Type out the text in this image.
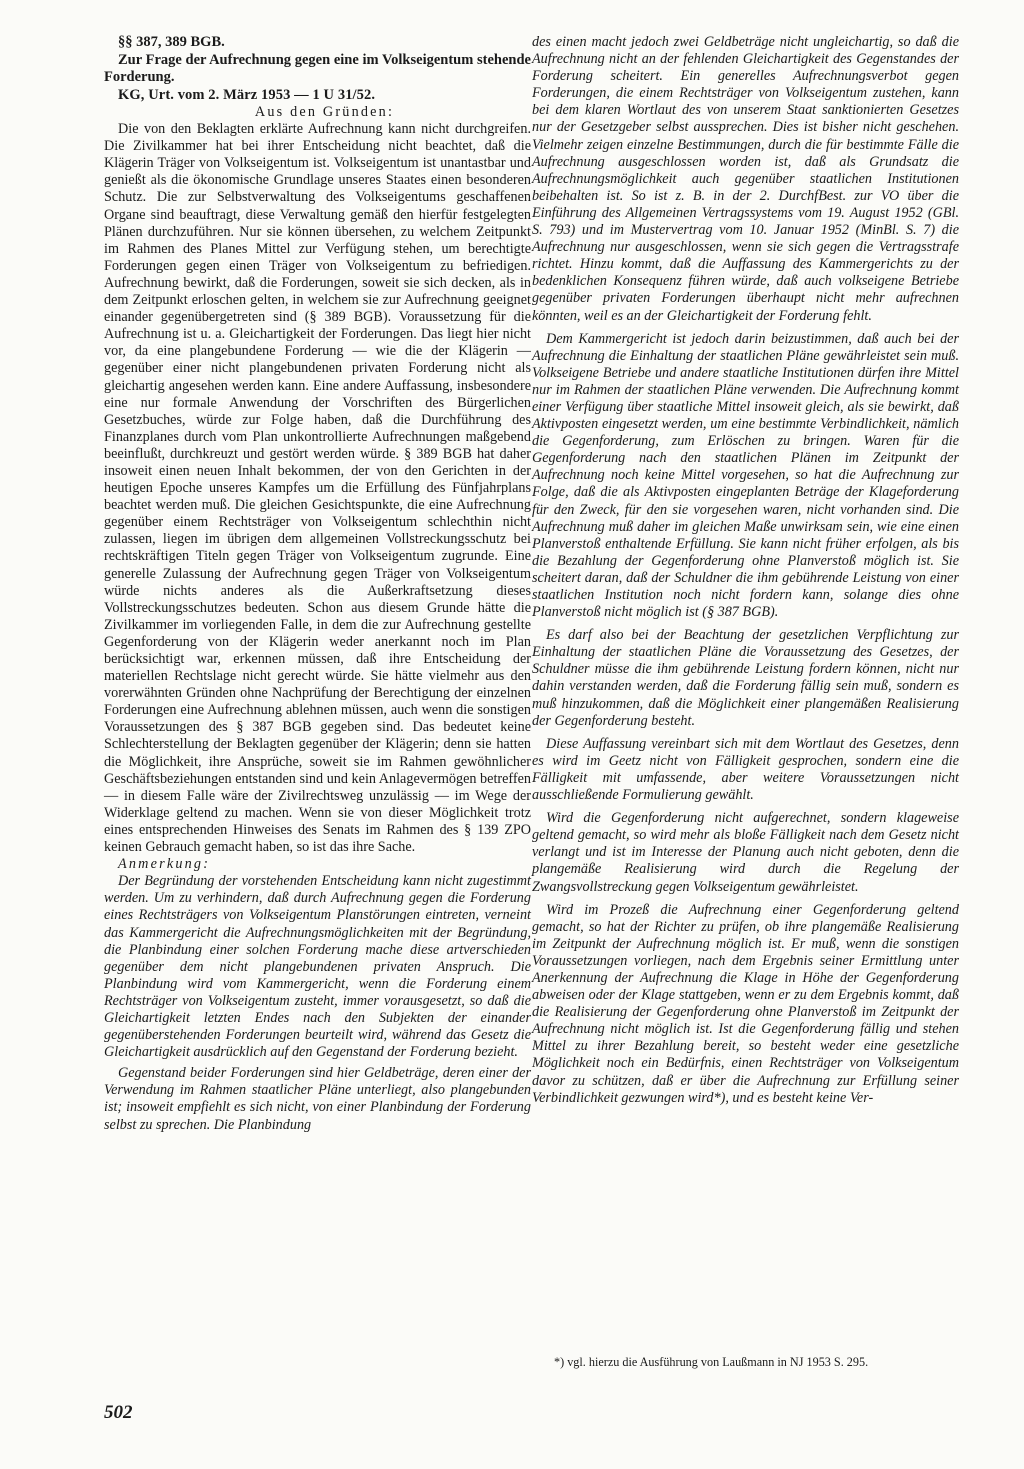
§§ 387, 389 BGB.

Zur Frage der Aufrechnung gegen eine im Volkseigentum stehende Forderung.

KG, Urt. vom 2. März 1953 — 1 U 31/52.

Aus den Gründen:

Die von den Beklagten erklärte Aufrechnung kann nicht durchgreifen. Die Zivilkammer hat bei ihrer Entscheidung nicht beachtet, daß die Klägerin Träger von Volkseigentum ist. Volkseigentum ist unantastbar und genießt als die ökonomische Grundlage unseres Staates einen besonderen Schutz. Die zur Selbstverwaltung des Volkseigentums geschaffenen Organe sind beauftragt, diese Verwaltung gemäß den hierfür festgelegten Plänen durchzuführen. Nur sie können übersehen, zu welchem Zeitpunkt im Rahmen des Planes Mittel zur Verfügung stehen, um berechtigte Forderungen gegen einen Träger von Volkseigentum zu befriedigen. Aufrechnung bewirkt, daß die Forderungen, soweit sie sich decken, als in dem Zeitpunkt erloschen gelten, in welchem sie zur Aufrechnung geeignet einander gegenübergetreten sind (§ 389 BGB). Voraussetzung für die Aufrechnung ist u. a. Gleichartigkeit der Forderungen. Das liegt hier nicht vor, da eine plangebundene Forderung — wie die der Klägerin — gegenüber einer nicht plangebundenen privaten Forderung nicht als gleichartig angesehen werden kann. Eine andere Auffassung, insbesondere eine nur formale Anwendung der Vorschriften des Bürgerlichen Gesetzbuches, würde zur Folge haben, daß die Durchführung des Finanzplanes durch vom Plan unkontrollierte Aufrechnungen maßgebend beeinflußt, durchkreuzt und gestört werden würde. § 389 BGB hat daher insoweit einen neuen Inhalt bekommen, der von den Gerichten in der heutigen Epoche unseres Kampfes um die Erfüllung des Fünfjahrplans beachtet werden muß. Die gleichen Gesichtspunkte, die eine Aufrechnung gegenüber einem Rechtsträger von Volkseigentum schlechthin nicht zulassen, liegen im übrigen dem allgemeinen Vollstreckungsschutz bei rechtskräftigen Titeln gegen Träger von Volkseigentum zugrunde. Eine generelle Zulassung der Aufrechnung gegen Träger von Volkseigentum würde nichts anderes als die Außerkraftsetzung dieses Vollstreckungsschutzes bedeuten. Schon aus diesem Grunde hätte die Zivilkammer im vorliegenden Falle, in dem die zur Aufrechnung gestellte Gegenforderung von der Klägerin weder anerkannt noch im Plan berücksichtigt war, erkennen müssen, daß ihre Entscheidung der materiellen Rechtslage nicht gerecht würde. Sie hätte vielmehr aus den vorerwähnten Gründen ohne Nachprüfung der Berechtigung der einzelnen Forderungen eine Aufrechnung ablehnen müssen, auch wenn die sonstigen Voraussetzungen des § 387 BGB gegeben sind. Das bedeutet keine Schlechterstellung der Beklagten gegenüber der Klägerin; denn sie hatten die Möglichkeit, ihre Ansprüche, soweit sie im Rahmen gewöhnlicher Geschäftsbeziehungen entstanden sind und kein Anlagevermögen betreffen — in diesem Falle wäre der Zivilrechtsweg unzulässig — im Wege der Widerklage geltend zu machen. Wenn sie von dieser Möglichkeit trotz eines entsprechenden Hinweises des Senats im Rahmen des § 139 ZPO keinen Gebrauch gemacht haben, so ist das ihre Sache.

Anmerkung:

Der Begründung der vorstehenden Entscheidung kann nicht zugestimmt werden. Um zu verhindern, daß durch Aufrechnung gegen die Forderung eines Rechtsträgers von Volkseigentum Planstörungen eintreten, verneint das Kammergericht die Aufrechnungsmöglichkeiten mit der Begründung, die Planbindung einer solchen Forderung mache diese artverschieden gegenüber dem nicht plangebundenen privaten Anspruch. Die Planbindung wird vom Kammergericht, wenn die Forderung einem Rechtsträger von Volkseigentum zusteht, immer vorausgesetzt, so daß die Gleichartigkeit letzten Endes nach den Subjekten der einander gegenüberstehenden Forderungen beurteilt wird, während das Gesetz die Gleichartigkeit ausdrücklich auf den Gegenstand der Forderung bezieht.

Gegenstand beider Forderungen sind hier Geldbeträge, deren einer der Verwendung im Rahmen staatlicher Pläne unterliegt, also plangebunden ist; insoweit empfiehlt es sich nicht, von einer Planbindung der Forderung selbst zu sprechen. Die Planbindung

des einen macht jedoch zwei Geldbeträge nicht ungleichartig, so daß die Aufrechnung nicht an der fehlenden Gleichartigkeit des Gegenstandes der Forderung scheitert. Ein generelles Aufrechnungsverbot gegen Forderungen, die einem Rechtsträger von Volkseigentum zustehen, kann bei dem klaren Wortlaut des von unserem Staat sanktionierten Gesetzes nur der Gesetzgeber selbst aussprechen. Dies ist bisher nicht geschehen. Vielmehr zeigen einzelne Bestimmungen, durch die für bestimmte Fälle die Aufrechnung ausgeschlossen worden ist, daß als Grundsatz die Aufrechnungsmöglichkeit auch gegenüber staatlichen Institutionen beibehalten ist. So ist z. B. in der 2. DurchfBest. zur VO über die Einführung des Allgemeinen Vertragssystems vom 19. August 1952 (GBl. S. 793) und im Mustervertrag vom 10. Januar 1952 (MinBl. S. 7) die Aufrechnung nur ausgeschlossen, wenn sie sich gegen die Vertragsstrafe richtet. Hinzu kommt, daß die Auffassung des Kammergerichts zu der bedenklichen Konsequenz führen würde, daß auch volkseigene Betriebe gegenüber privaten Forderungen überhaupt nicht mehr aufrechnen könnten, weil es an der Gleichartigkeit der Forderung fehlt.

Dem Kammergericht ist jedoch darin beizustimmen, daß auch bei der Aufrechnung die Einhaltung der staatlichen Pläne gewährleistet sein muß. Volkseigene Betriebe und andere staatliche Institutionen dürfen ihre Mittel nur im Rahmen der staatlichen Pläne verwenden. Die Aufrechnung kommt einer Verfügung über staatliche Mittel insoweit gleich, als sie bewirkt, daß Aktivposten eingesetzt werden, um eine bestimmte Verbindlichkeit, nämlich die Gegenforderung, zum Erlöschen zu bringen. Waren für die Gegenforderung nach den staatlichen Plänen im Zeitpunkt der Aufrechnung noch keine Mittel vorgesehen, so hat die Aufrechnung zur Folge, daß die als Aktivposten eingeplanten Beträge der Klageforderung für den Zweck, für den sie vorgesehen waren, nicht vorhanden sind. Die Aufrechnung muß daher im gleichen Maße unwirksam sein, wie eine einen Planverstoß enthaltende Erfüllung. Sie kann nicht früher erfolgen, als bis die Bezahlung der Gegenforderung ohne Planverstoß möglich ist. Sie scheitert daran, daß der Schuldner die ihm gebührende Leistung von einer staatlichen Institution noch nicht fordern kann, solange dies ohne Planverstoß nicht möglich ist (§ 387 BGB).

Es darf also bei der Beachtung der gesetzlichen Verpflichtung zur Einhaltung der staatlichen Pläne die Voraussetzung des Gesetzes, der Schuldner müsse die ihm gebührende Leistung fordern können, nicht nur dahin verstanden werden, daß die Forderung fällig sein muß, sondern es muß hinzukommen, daß die Möglichkeit einer plangemäßen Realisierung der Gegenforderung besteht.

Diese Auffassung vereinbart sich mit dem Wortlaut des Gesetzes, denn es wird im Geetz nicht von Fälligkeit gesprochen, sondern eine die Fälligkeit mit umfassende, aber weitere Voraussetzungen nicht ausschließende Formulierung gewählt.

Wird die Gegenforderung nicht aufgerechnet, sondern klageweise geltend gemacht, so wird mehr als bloße Fälligkeit nach dem Gesetz nicht verlangt und ist im Interesse der Planung auch nicht geboten, denn die plangemäße Realisierung wird durch die Regelung der Zwangsvollstreckung gegen Volkseigentum gewährleistet.

Wird im Prozeß die Aufrechnung einer Gegenforderung geltend gemacht, so hat der Richter zu prüfen, ob ihre plangemäße Realisierung im Zeitpunkt der Aufrechnung möglich ist. Er muß, wenn die sonstigen Voraussetzungen vorliegen, nach dem Ergebnis seiner Ermittlung unter Anerkennung der Aufrechnung die Klage in Höhe der Gegenforderung abweisen oder der Klage stattgeben, wenn er zu dem Ergebnis kommt, daß die Realisierung der Gegenforderung ohne Planverstoß im Zeitpunkt der Aufrechnung nicht möglich ist. Ist die Gegenforderung fällig und stehen Mittel zu ihrer Bezahlung bereit, so besteht weder eine gesetzliche Möglichkeit noch ein Bedürfnis, einen Rechtsträger von Volkseigentum davor zu schützen, daß er über die Aufrechnung zur Erfüllung seiner Verbindlichkeit gezwungen wird*), und es besteht keine Ver-

*) vgl. hierzu die Ausführung von Laußmann in NJ 1953 S. 295.

502
